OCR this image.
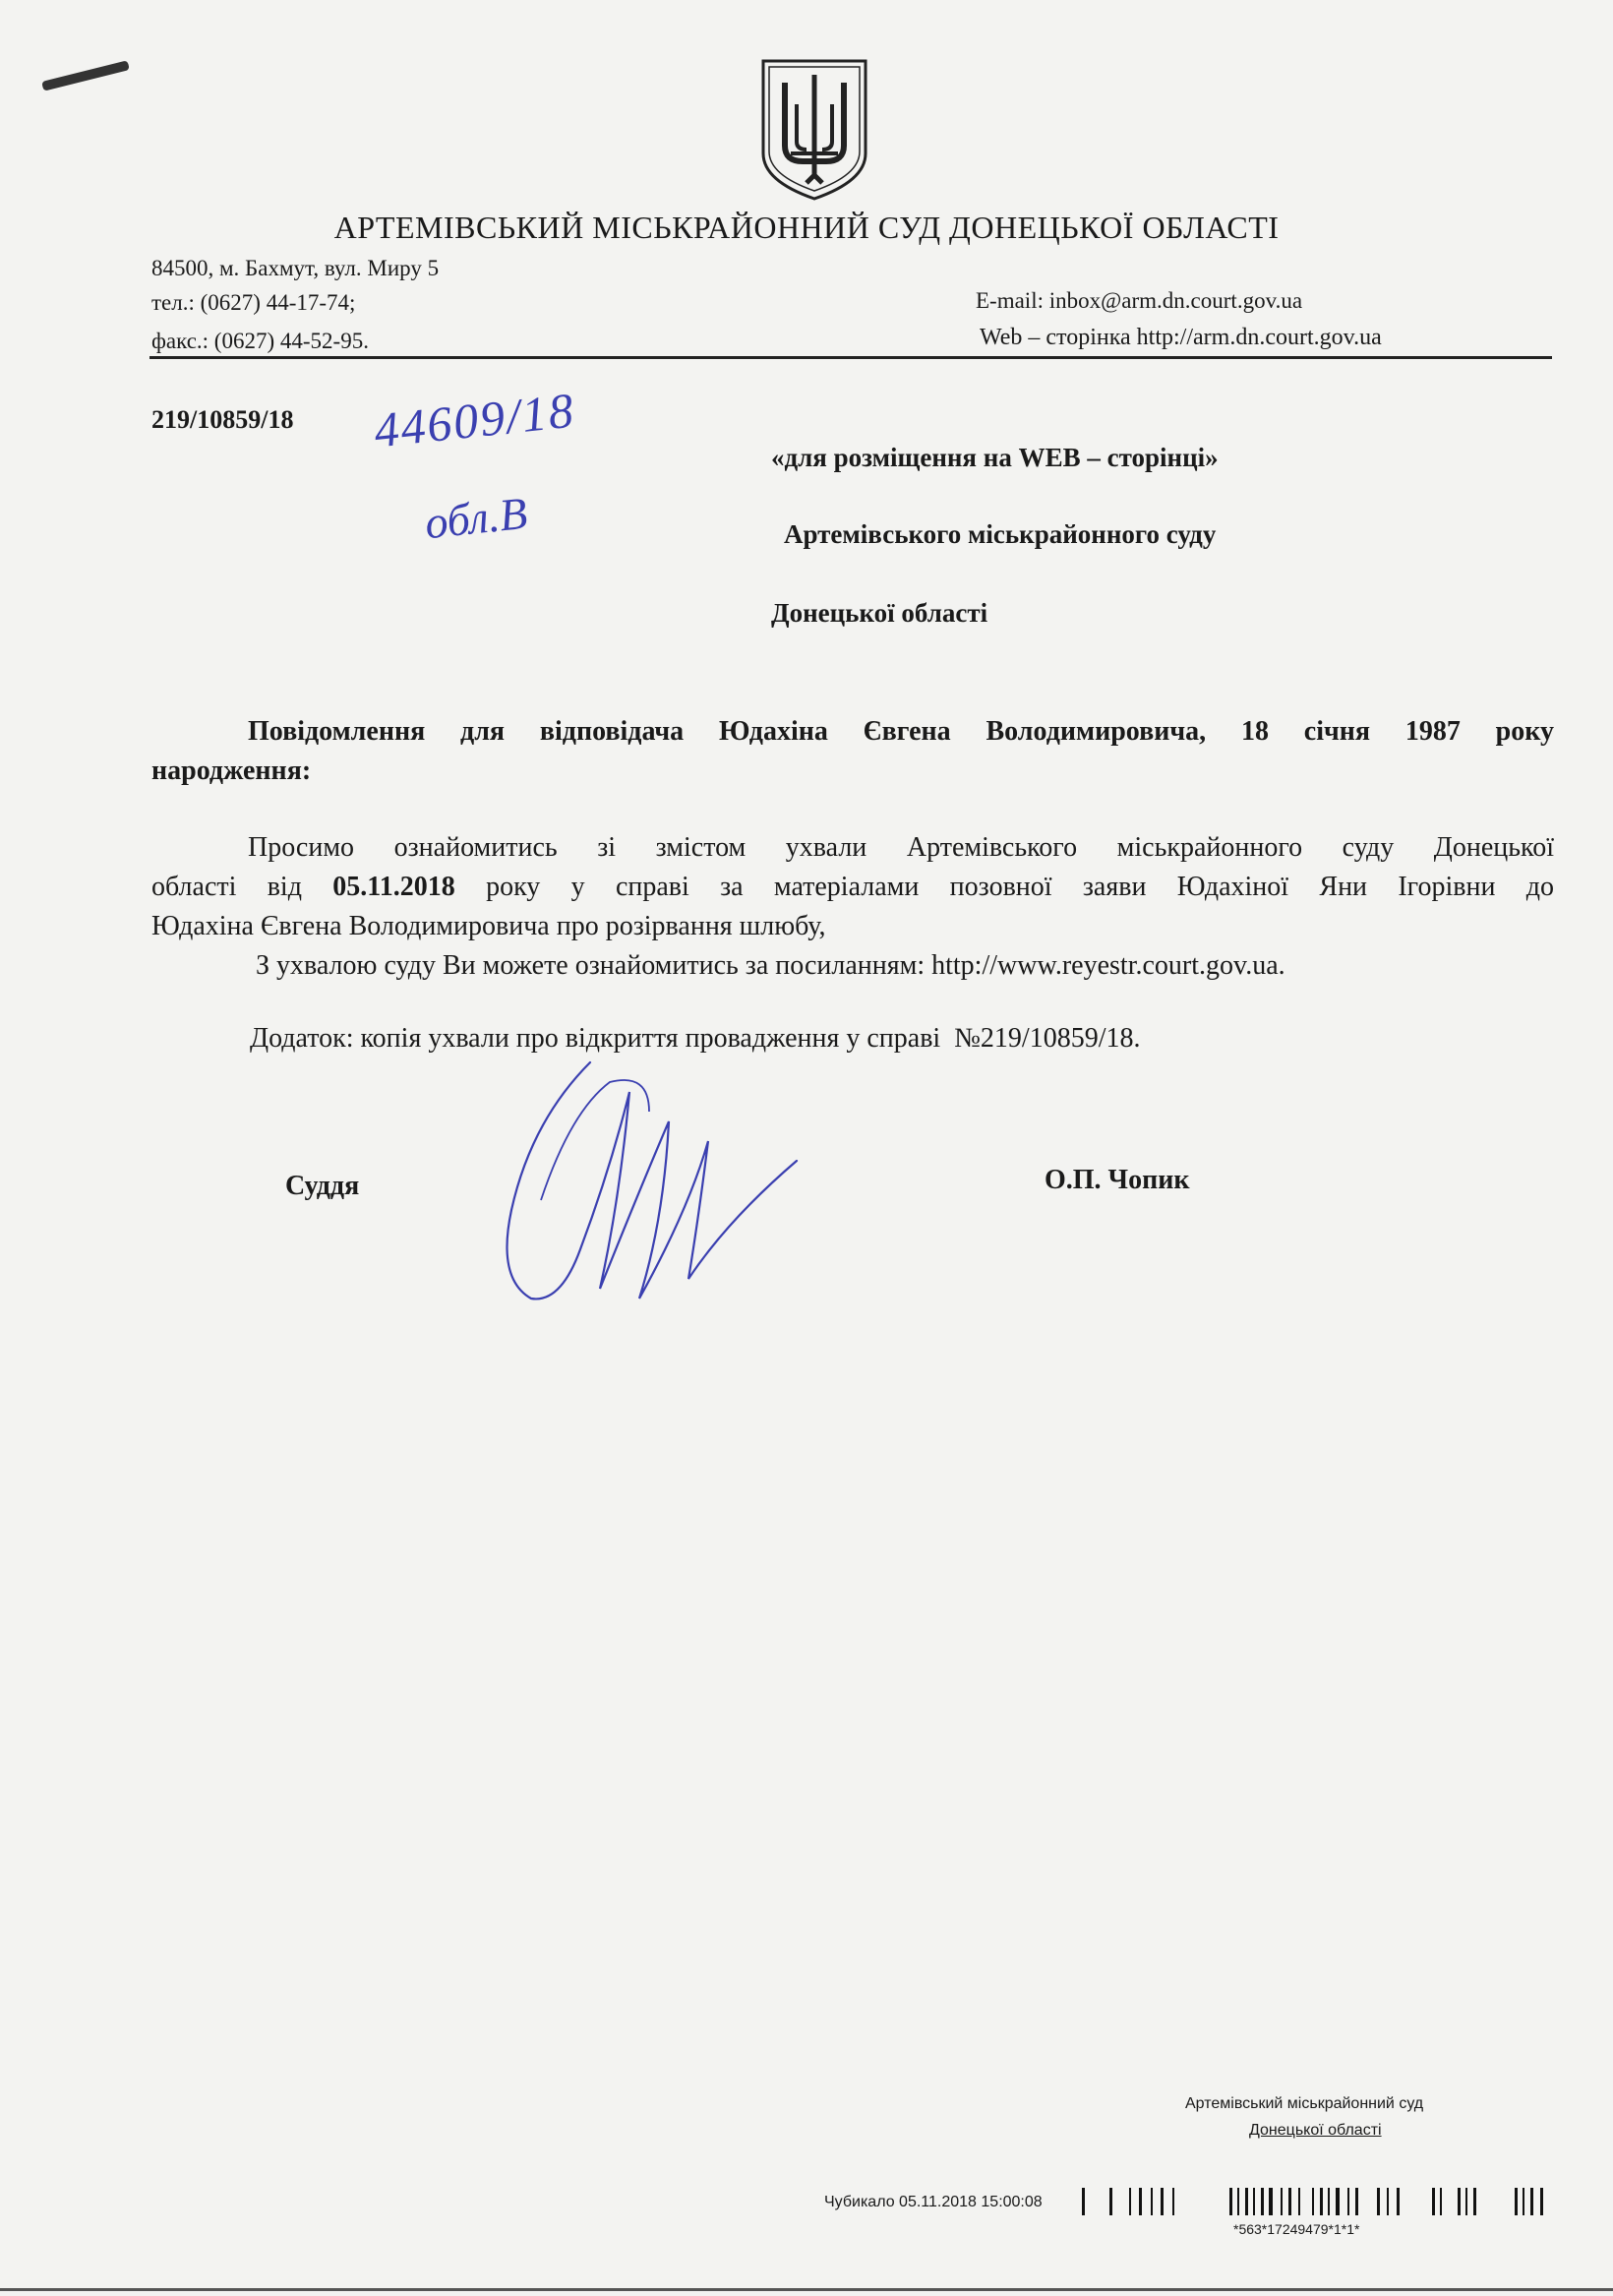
АРТЕМІВСЬКИЙ МІСЬКРАЙОННИЙ СУД ДОНЕЦЬКОЇ ОБЛАСТІ
84500, м. Бахмут, вул. Миру 5
тел.: (0627) 44-17-74;
факс.: (0627) 44-52-95.
E-mail: inbox@arm.dn.court.gov.ua
Web – сторінка http://arm.dn.court.gov.ua
219/10859/18 44609/18
обл.В
«для розміщення на WEB – сторінці»
Артемівського міськрайонного суду
Донецької області
Повідомлення для відповідача Юдахіна Євгена Володимировича, 18 січня 1987 року
народження:
Просимо ознайомитись зі змістом ухвали Артемівського міськрайонного суду Донецької
області від 05.11.2018 року у справі за матеріалами позовної заяви Юдахіної Яни Ігорівни до
Юдахіна Євгена Володимировича про розірвання шлюбу,
З ухвалою суду Ви можете ознайомитись за посиланням: http://www.reyestr.court.gov.ua.
Додаток: копія ухвали про відкриття провадження у справі  №219/10859/18.
Суддя	О.П. Чопик
Артемівський міськрайонний суд
Донецької області
Чубикало 05.11.2018 15:00:08
*563*17249479*1*1*
